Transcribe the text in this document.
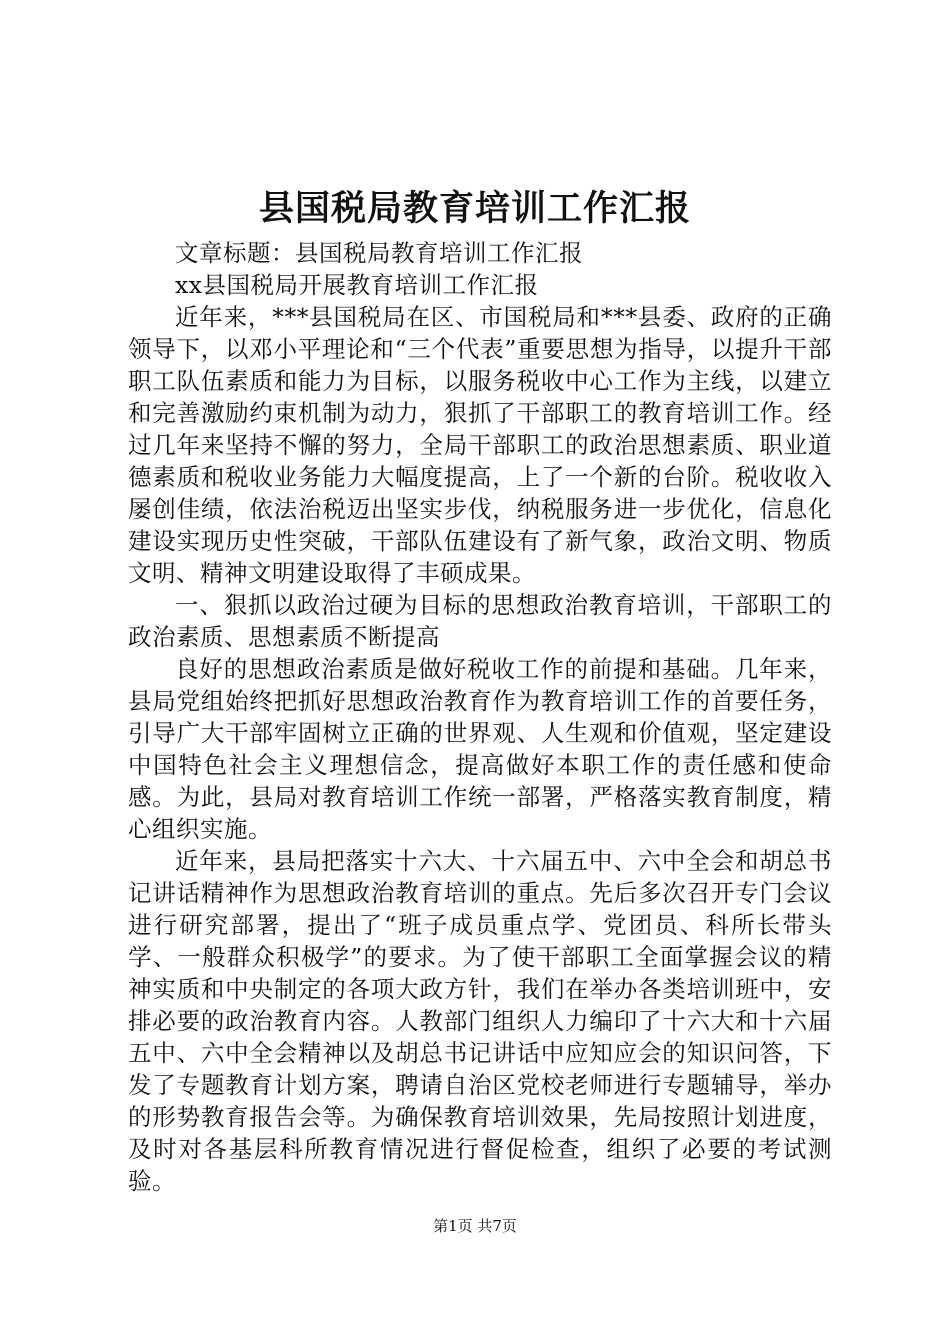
县国税局教育培训工作汇报

文章标题：县国税局教育培训工作汇报

xx县国税局开展教育培训工作汇报

近年来，***县国税局在区、市国税局和***县委、政府的正确领导下，以邓小平理论和“三个代表”重要思想为指导，以提升干部职工队伍素质和能力为目标，以服务税收中心工作为主线，以建立和完善激励约束机制为动力，狠抓了干部职工的教育培训工作。经过几年来坚持不懈的努力，全局干部职工的政治思想素质、职业道德素质和税收业务能力大幅度提高，上了一个新的台阶。税收收入屡创佳绩，依法治税迈出坚实步伐，纳税服务进一步优化，信息化建设实现历史性突破，干部队伍建设有了新气象，政治文明、物质文明、精神文明建设取得了丰硕成果。

一、狠抓以政治过硬为目标的思想政治教育培训，干部职工的政治素质、思想素质不断提高

良好的思想政治素质是做好税收工作的前提和基础。几年来，县局党组始终把抓好思想政治教育作为教育培训工作的首要任务，引导广大干部牢固树立正确的世界观、人生观和价值观，坚定建设中国特色社会主义理想信念，提高做好本职工作的责任感和使命感。为此，县局对教育培训工作统一部署，严格落实教育制度，精心组织实施。

近年来，县局把落实十六大、十六届五中、六中全会和胡总书记讲话精神作为思想政治教育培训的重点。先后多次召开专门会议进行研究部署，提出了“班子成员重点学、党团员、科所长带头学、一般群众积极学”的要求。为了使干部职工全面掌握会议的精神实质和中央制定的各项大政方针，我们在举办各类培训班中，安排必要的政治教育内容。人教部门组织人力编印了十六大和十六届五中、六中全会精神以及胡总书记讲话中应知应会的知识问答，下发了专题教育计划方案，聘请自治区党校老师进行专题辅导，举办的形势教育报告会等。为确保教育培训效果，先局按照计划进度，及时对各基层科所教育情况进行督促检查，组织了必要的考试测验。

第1页 共7页
